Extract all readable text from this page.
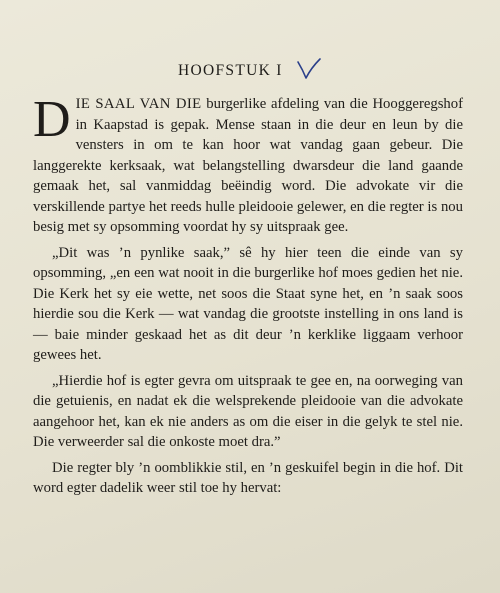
HOOFSTUK I

DIE SAAL VAN DIE burgerlike afdeling van die Hooggeregshof in Kaapstad is gepak. Mense staan in die deur en leun by die vensters in om te kan hoor wat vandag gaan gebeur. Die langgerekte kerksaak, wat belangstelling dwarsdeur die land gaande gemaak het, sal vanmiddag beëindig word. Die advokate vir die verskillende partye het reeds hulle pleidooie gelewer, en die regter is nou besig met sy opsomming voordat hy sy uitspraak gee.

„Dit was ’n pynlike saak,” sê hy hier teen die einde van sy opsomming, „en een wat nooit in die burgerlike hof moes gedien het nie. Die Kerk het sy eie wette, net soos die Staat syne het, en ’n saak soos hierdie sou die Kerk — wat vandag die grootste instelling in ons land is — baie minder geskaad het as dit deur ’n kerklike liggaam verhoor gewees het.

„Hierdie hof is egter gevra om uitspraak te gee en, na oorweging van die getuienis, en nadat ek die welsprekende pleidooie van die advokate aangehoor het, kan ek nie anders as om die eiser in die gelyk te stel nie. Die verweerder sal die onkoste moet dra.”

Die regter bly ’n oomblikkie stil, en ’n geskuifel begin in die hof. Dit word egter dadelik weer stil toe hy hervat:
